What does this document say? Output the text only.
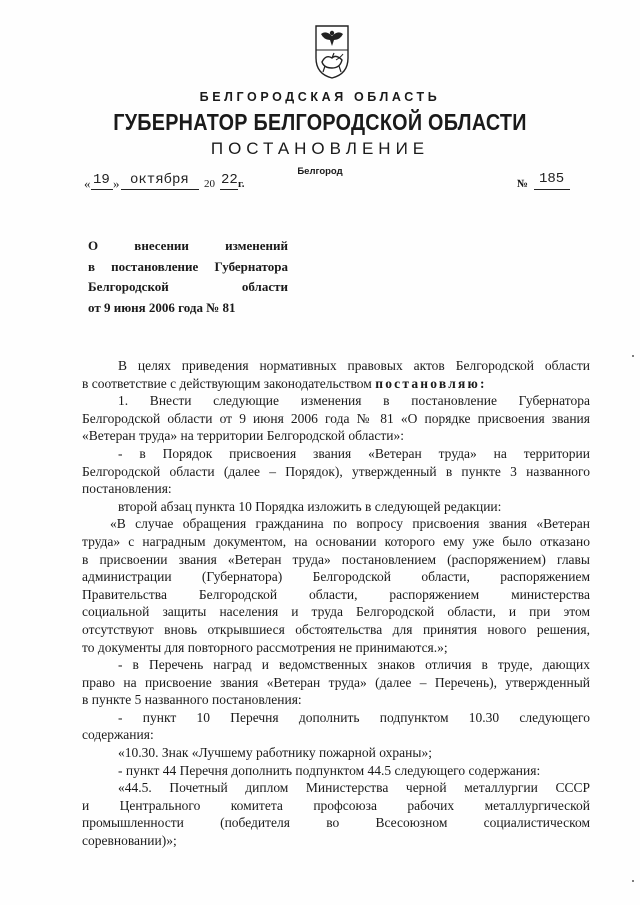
БЕЛГОРОДСКАЯ ОБЛАСТЬ
ГУБЕРНАТОР БЕЛГОРОДСКОЙ ОБЛАСТИ
ПОСТАНОВЛЕНИЕ
Белгород
« 19 » октября 20 22 г.	№ 185
О внесении изменений
в постановление Губернатора
Белгородской области
от 9 июня 2006 года № 81
В целях приведения нормативных правовых актов Белгородской области
в соответствие с действующим законодательством постановляю:
1. Внести следующие изменения в постановление Губернатора
Белгородской области от 9 июня 2006 года № 81 «О порядке присвоения звания
«Ветеран труда» на территории Белгородской области»:
- в Порядок присвоения звания «Ветеран труда» на территории
Белгородской области (далее – Порядок), утвержденный в пункте 3 названного
постановления:
второй абзац пункта 10 Порядка изложить в следующей редакции:
«В случае обращения гражданина по вопросу присвоения звания «Ветеран
труда» с наградным документом, на основании которого ему уже было отказано
в присвоении звания «Ветеран труда» постановлением (распоряжением) главы
администрации (Губернатора) Белгородской области, распоряжением
Правительства Белгородской области, распоряжением министерства
социальной защиты населения и труда Белгородской области, и при этом
отсутствуют вновь открывшиеся обстоятельства для принятия нового решения,
то документы для повторного рассмотрения не принимаются.»;
- в Перечень наград и ведомственных знаков отличия в труде, дающих
право на присвоение звания «Ветеран труда» (далее – Перечень), утвержденный
в пункте 5 названного постановления:
- пункт 10 Перечня дополнить подпунктом 10.30 следующего
содержания:
«10.30. Знак «Лучшему работнику пожарной охраны»;
- пункт 44 Перечня дополнить подпунктом 44.5 следующего содержания:
«44.5. Почетный диплом Министерства черной металлургии СССР
и Центрального комитета профсоюза рабочих металлургической
промышленности (победителя во Всесоюзном социалистическом
соревновании)»;
